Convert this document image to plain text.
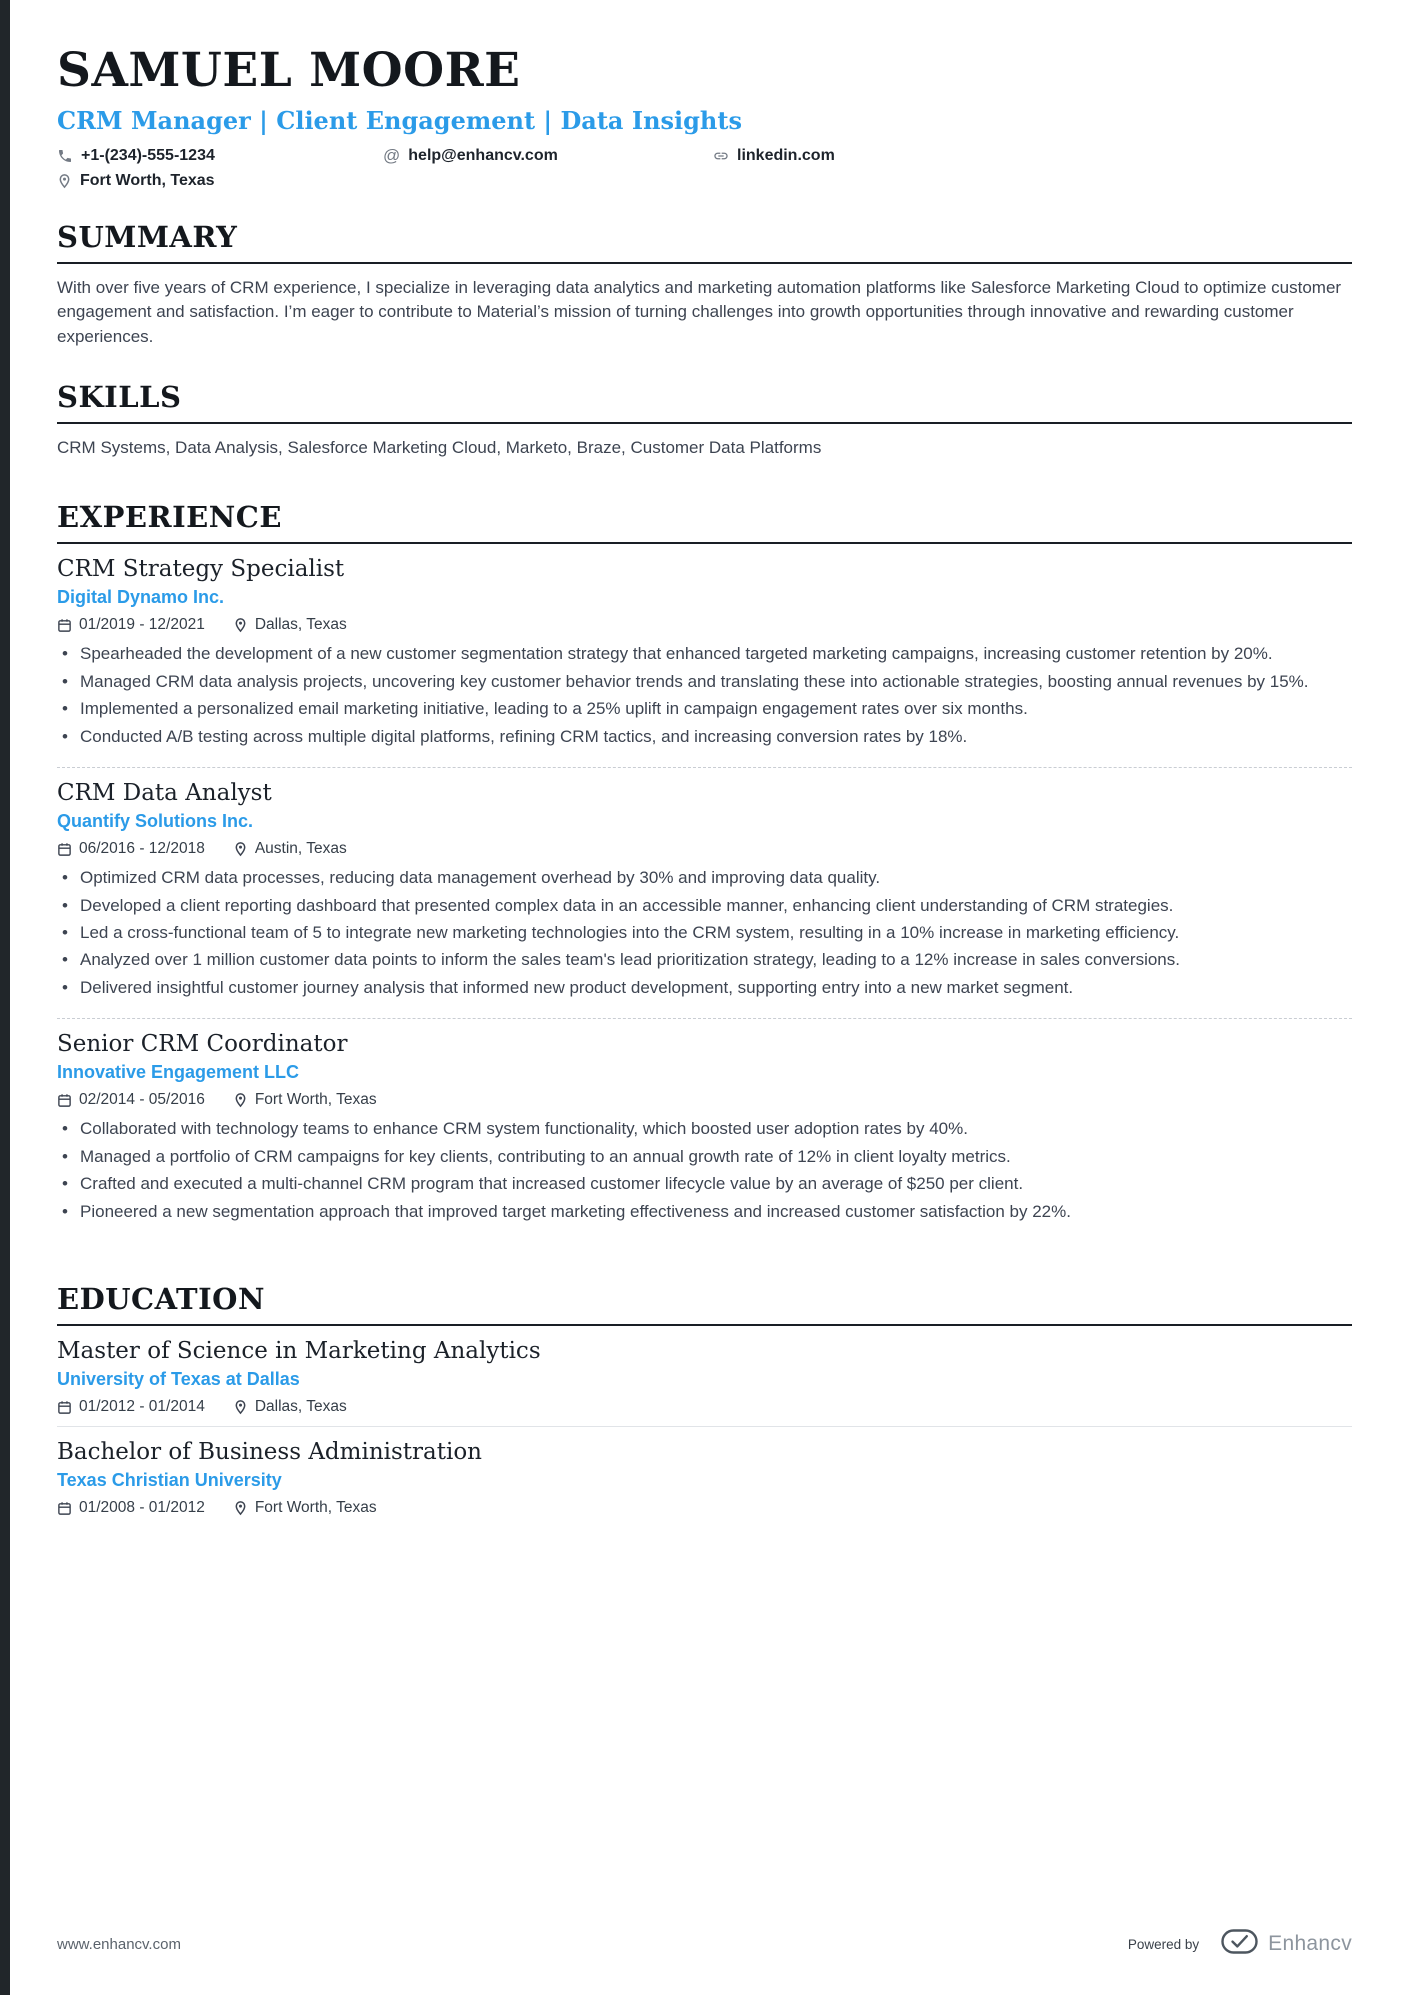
SAMUEL MOORE
CRM Manager | Client Engagement | Data Insights
+1-(234)-555-1234	@ help@enhancv.com	linkedin.com
Fort Worth, Texas
SUMMARY

With over five years of CRM experience, I specialize in leveraging data analytics and marketing automation platforms like Salesforce Marketing Cloud to optimize customer engagement and satisfaction. I’m eager to contribute to Material’s mission of turning challenges into growth opportunities through innovative and rewarding customer experiences.

SKILLS

CRM Systems, Data Analysis, Salesforce Marketing Cloud, Marketo, Braze, Customer Data Platforms

EXPERIENCE
CRM Strategy Specialist
Digital Dynamo Inc.
01/2019 - 12/2021	Dallas, Texas
• Spearheaded the development of a new customer segmentation strategy that enhanced targeted marketing campaigns, increasing customer retention by 20%.
• Managed CRM data analysis projects, uncovering key customer behavior trends and translating these into actionable strategies, boosting annual revenues by 15%.
• Implemented a personalized email marketing initiative, leading to a 25% uplift in campaign engagement rates over six months.
• Conducted A/B testing across multiple digital platforms, refining CRM tactics, and increasing conversion rates by 18%.
CRM Data Analyst
Quantify Solutions Inc.
06/2016 - 12/2018	Austin, Texas
• Optimized CRM data processes, reducing data management overhead by 30% and improving data quality.
• Developed a client reporting dashboard that presented complex data in an accessible manner, enhancing client understanding of CRM strategies.
• Led a cross-functional team of 5 to integrate new marketing technologies into the CRM system, resulting in a 10% increase in marketing efficiency.
• Analyzed over 1 million customer data points to inform the sales team's lead prioritization strategy, leading to a 12% increase in sales conversions.
• Delivered insightful customer journey analysis that informed new product development, supporting entry into a new market segment.
Senior CRM Coordinator
Innovative Engagement LLC
02/2014 - 05/2016	Fort Worth, Texas
• Collaborated with technology teams to enhance CRM system functionality, which boosted user adoption rates by 40%.
• Managed a portfolio of CRM campaigns for key clients, contributing to an annual growth rate of 12% in client loyalty metrics.
• Crafted and executed a multi-channel CRM program that increased customer lifecycle value by an average of $250 per client.
• Pioneered a new segmentation approach that improved target marketing effectiveness and increased customer satisfaction by 22%.
EDUCATION
Master of Science in Marketing Analytics
University of Texas at Dallas
01/2012 - 01/2014	Dallas, Texas
Bachelor of Business Administration
Texas Christian University
01/2008 - 01/2012	Fort Worth, Texas
www.enhancv.com	Powered by	Enhancv
